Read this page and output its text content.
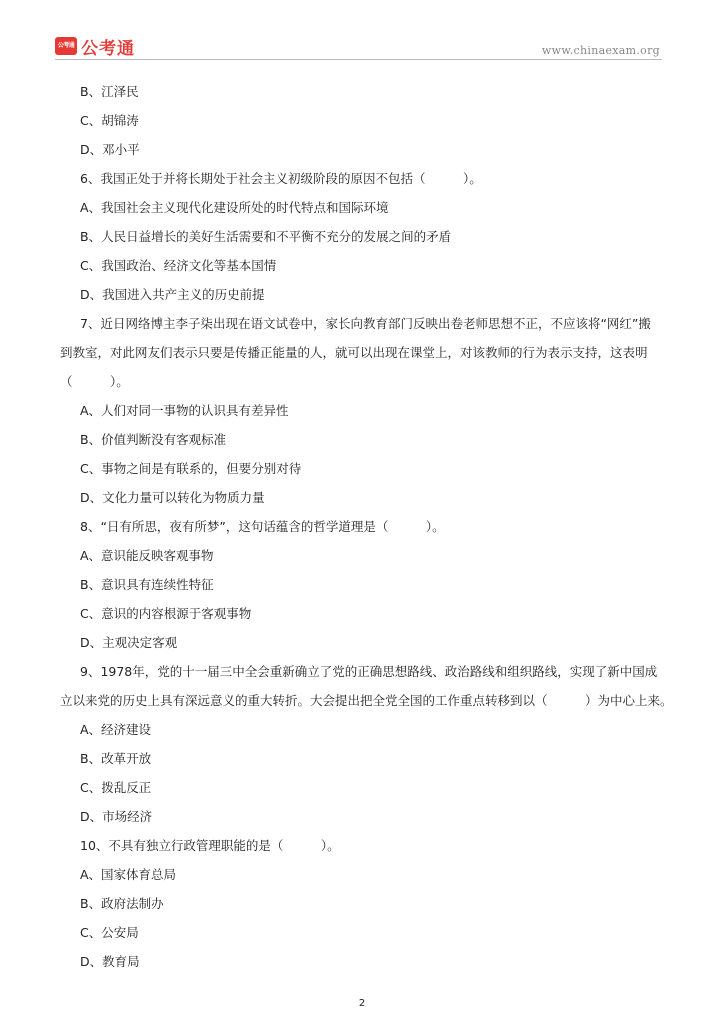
公考通 公考通	www.chinaexam.org
B、江泽民
C、胡锦涛
D、邓小平
6、我国正处于并将长期处于社会主义初级阶段的原因不包括（　　　）。
A、我国社会主义现代化建设所处的时代特点和国际环境
B、人民日益增长的美好生活需要和不平衡不充分的发展之间的矛盾
C、我国政治、经济文化等基本国情
D、我国进入共产主义的历史前提
7、近日网络博主李子柒出现在语文试卷中，家长向教育部门反映出卷老师思想不正，不应该将“网红”搬
到教室，对此网友们表示只要是传播正能量的人，就可以出现在课堂上，对该教师的行为表示支持，这表明
（　　　）。
A、人们对同一事物的认识具有差异性
B、价值判断没有客观标准
C、事物之间是有联系的，但要分别对待
D、文化力量可以转化为物质力量
8、“日有所思，夜有所梦”，这句话蕴含的哲学道理是（　　　）。
A、意识能反映客观事物
B、意识具有连续性特征
C、意识的内容根源于客观事物
D、主观决定客观
9、1978年，党的十一届三中全会重新确立了党的正确思想路线、政治路线和组织路线，实现了新中国成
立以来党的历史上具有深远意义的重大转折。大会提出把全党全国的工作重点转移到以（　　　）为中心上来。
A、经济建设
B、改革开放
C、拨乱反正
D、市场经济
10、不具有独立行政管理职能的是（　　　）。
A、国家体育总局
B、政府法制办
C、公安局
D、教育局
2
